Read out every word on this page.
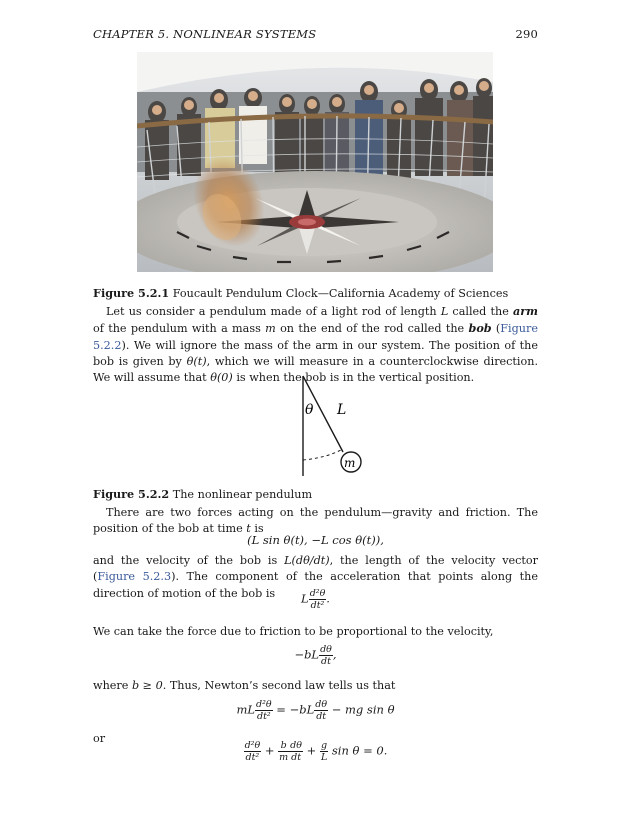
CHAPTER 5. NONLINEAR SYSTEMS	290
Figure 5.2.1 Foucault Pendulum Clock—California Academy of Sciences

Let us consider a pendulum made of a light rod of length L called the arm of the pendulum with a mass m on the end of the rod called the bob (Figure 5.2.2). We will ignore the mass of the arm in our system. The position of the bob is given by θ(t), which we will measure in a counterclockwise direction. We will assume that θ(0) is when the bob is in the vertical position.

θ L
m
Figure 5.2.2 The nonlinear pendulum

There are two forces acting on the pendulum—gravity and friction. The position of the bob at time t is

(L sin θ(t), −L cos θ(t)),

and the velocity of the bob is L(dθ/dt), the length of the velocity vector (Figure 5.2.3). The component of the acceleration that points along the direction of motion of the bob is	L $\frac{\text{d²θ}}{\text{dt²}}$ .

We can take the force due to friction to be proportional to the velocity,

$-bL \frac{d\theta}{dt}$ ,

where b ≥ 0. Thus, Newton’s second law tells us that

mL $\frac{\text{d²θ}}{\text{dt²}} = -bL \frac{d\theta}{dt}$ − mg sin θ

or

$\frac{\text{d²θ}}{\text{dt²}} + \frac{b}{m} \frac{d\theta}{dt} + \frac{g}{L}$ sin θ = 0.
